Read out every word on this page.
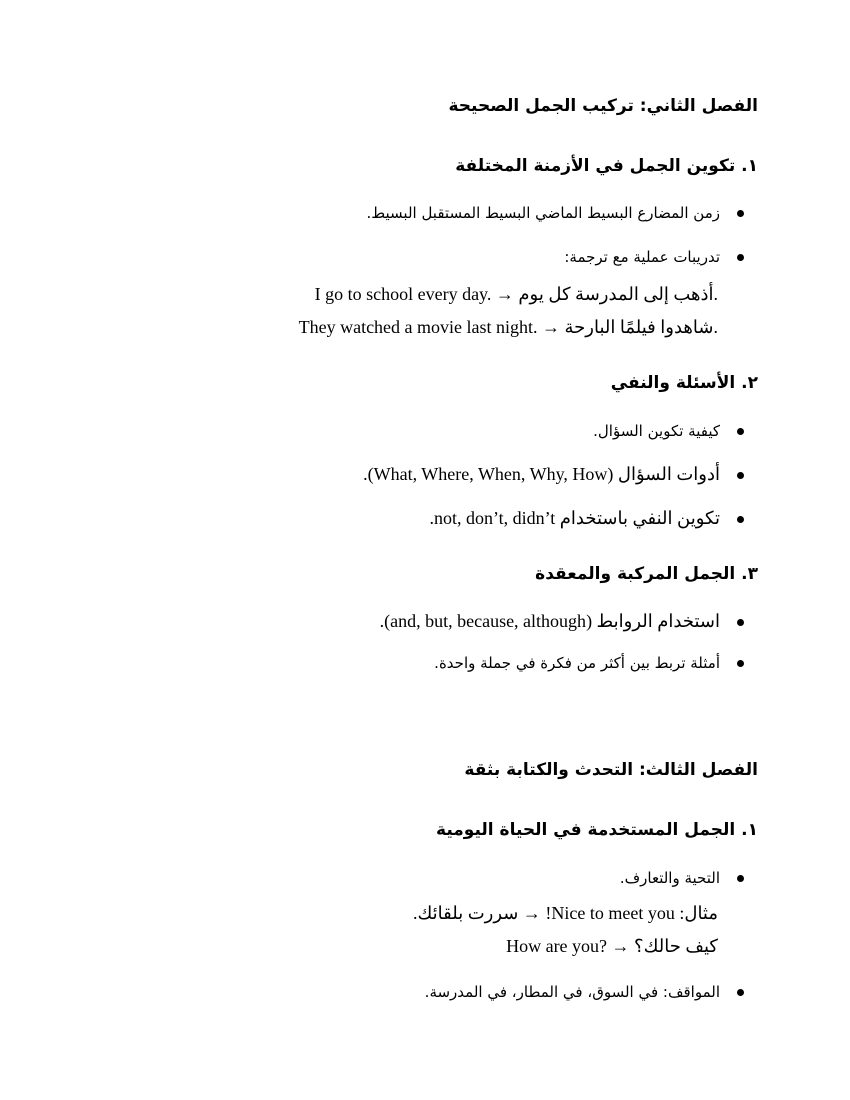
الفصل الثاني: تركيب الجمل الصحيحة
١. تكوين الجمل في الأزمنة المختلفة
زمن المضارع البسيط الماضي البسيط المستقبل البسيط.
تدريبات عملية مع ترجمة:
I go to school every day. → أذهب إلى المدرسة كل يوم.
They watched a movie last night. → شاهدوا فيلمًا البارحة.
٢. الأسئلة والنفي
كيفية تكوين السؤال.
أدوات السؤال (What, Where, When, Why, How).
تكوين النفي باستخدام not, don’t, didn’t.
٣. الجمل المركبة والمعقدة
استخدام الروابط (and, but, because, although).
أمثلة تربط بين أكثر من فكرة في جملة واحدة.
الفصل الثالث: التحدث والكتابة بثقة
١. الجمل المستخدمة في الحياة اليومية
التحية والتعارف.
مثال: Nice to meet you! → سررت بلقائك.
How are you? → كيف حالك؟
المواقف: في السوق، في المطار، في المدرسة.
